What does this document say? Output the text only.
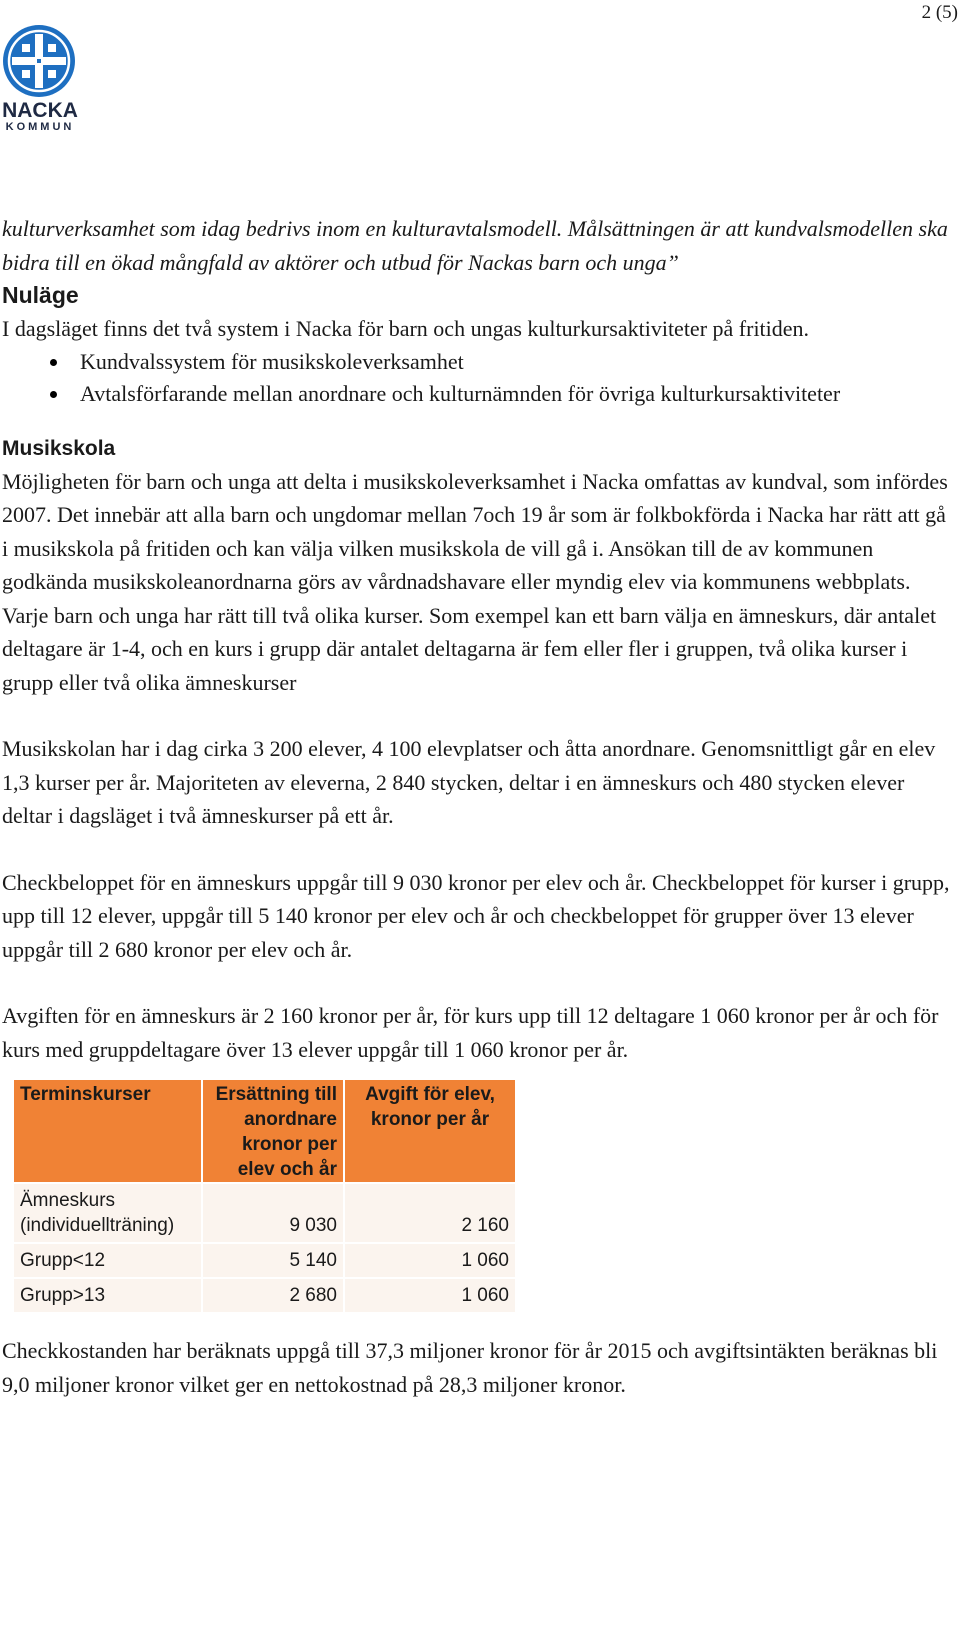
2 (5)
NACKA
KOMMUN

kulturverksamhet som idag bedrivs inom en kulturavtalsmodell. Målsättningen är att kundvalsmodellen ska bidra till en ökad mångfald av aktörer och utbud för Nackas barn och unga”

Nuläge

I dagsläget finns det två system i Nacka för barn och ungas kulturkursaktiviteter på fritiden.

Kundvalssystem för musikskoleverksamhet
Avtalsförfarande mellan anordnare och kulturnämnden för övriga kulturkursaktiviteter
Musikskola

Möjligheten för barn och unga att delta i musikskoleverksamhet i Nacka omfattas av kundval, som infördes 2007. Det innebär att alla barn och ungdomar mellan 7och 19 år som är folkbokförda i Nacka har rätt att gå i musikskola på fritiden och kan välja vilken musikskola de vill gå i. Ansökan till de av kommunen godkända musikskoleanordnarna görs av vårdnadshavare eller myndig elev via kommunens webbplats. Varje barn och unga har rätt till två olika kurser. Som exempel kan ett barn välja en ämneskurs, där antalet deltagare är 1-4, och en kurs i grupp där antalet deltagarna är fem eller fler i gruppen, två olika kurser i grupp eller två olika ämneskurser

Musikskolan har i dag cirka 3 200 elever, 4 100 elevplatser och åtta anordnare. Genomsnittligt går en elev 1,3 kurser per år. Majoriteten av eleverna, 2 840 stycken, deltar i en ämneskurs och 480 stycken elever deltar i dagsläget i två ämneskurser på ett år.

Checkbeloppet för en ämneskurs uppgår till 9 030 kronor per elev och år. Checkbeloppet för kurser i grupp, upp till 12 elever, uppgår till 5 140 kronor per elev och år och checkbeloppet för grupper över 13 elever uppgår till 2 680 kronor per elev och år.

Avgiften för en ämneskurs är 2 160 kronor per år, för kurs upp till 12 deltagare 1 060 kronor per år och för kurs med gruppdeltagare över 13 elever uppgår till 1 060 kronor per år.

Terminskurser	Ersättning till anordnare kronor per elev och år	Avgift för elev, kronor per år
Ämneskurs (individuellträning)	9 030	2 160
Grupp<12	5 140	1 060
Grupp>13	2 680	1 060

Checkkostanden har beräknats uppgå till 37,3 miljoner kronor för år 2015 och avgiftsintäkten beräknas bli 9,0 miljoner kronor vilket ger en nettokostnad på 28,3 miljoner kronor.
